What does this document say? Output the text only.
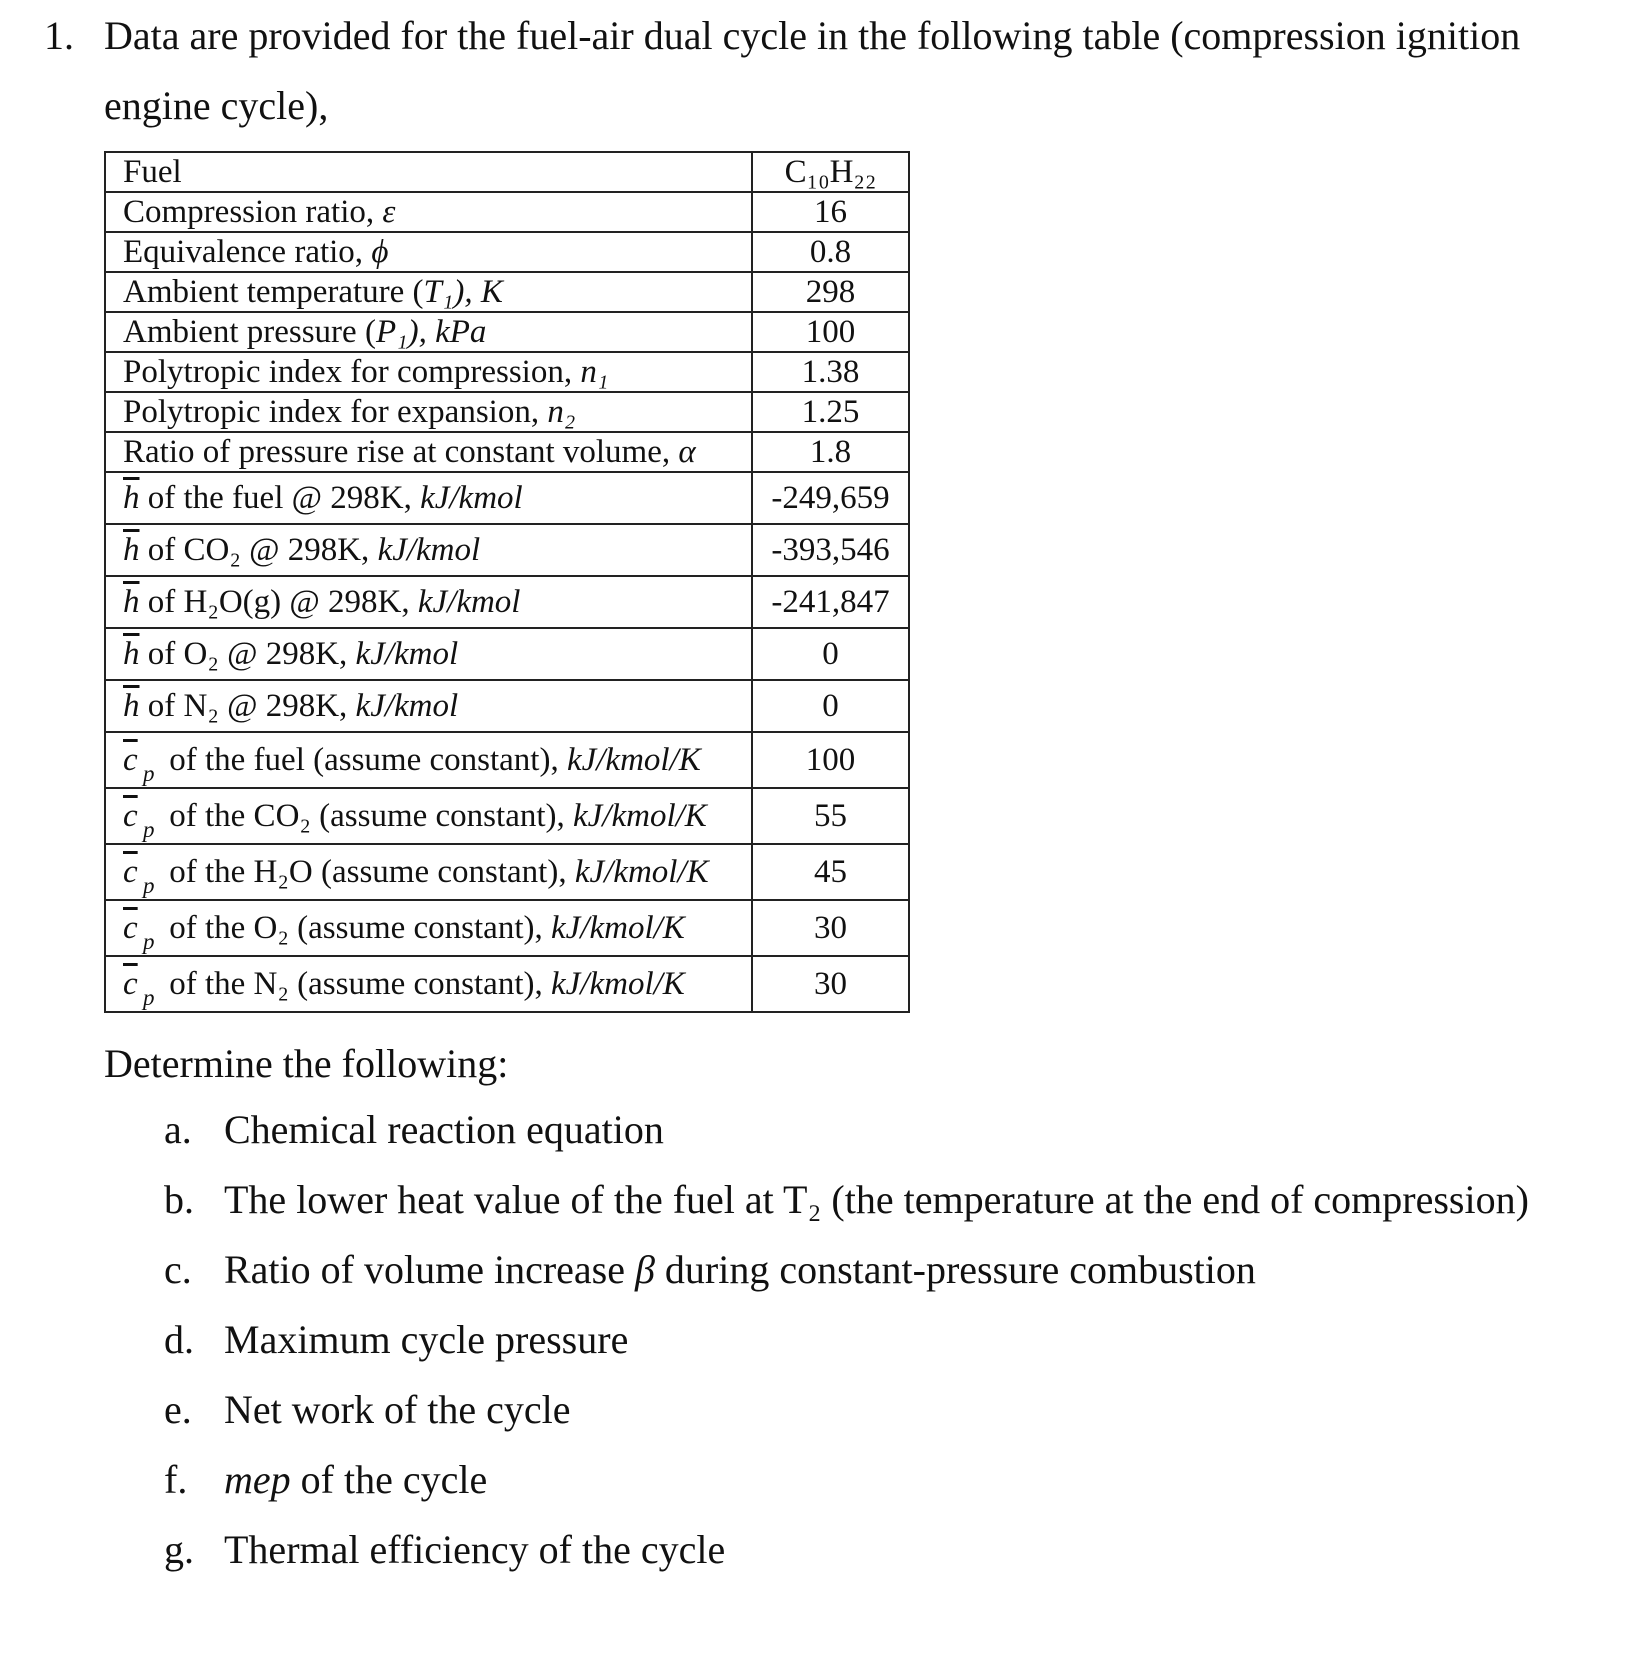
1. Data are provided for the fuel-air dual cycle in the following table (compression ignition
engine cycle),
Fuel	C₁₀H₂₂
Compression ratio, ε	16
Equivalence ratio, ϕ	0.8
Ambient temperature (T₁), K	298
Ambient pressure (P₁), kPa	100
Polytropic index for compression, n₁	1.38
Polytropic index for expansion, n₂	1.25
Ratio of pressure rise at constant volume, α	1.8
$\overline{h}$ of the fuel @ 298K, kJ/kmol	-249,659
$\overline{h}$ of CO₂ @ 298K, kJ/kmol	-393,546
$\overline{h}$ of H₂O(g) @ 298K, kJ/kmol	-241,847
$\overline{h}$ of O₂ @ 298K, kJ/kmol	0
$\overline{h}$ of N₂ @ 298K, kJ/kmol	0
$\overline{c}$ p of the fuel (assume constant), kJ/kmol/K	100
$\overline{c}$ p of the CO₂ (assume constant), kJ/kmol/K	55
$\overline{c}$ p of the H₂O (assume constant), kJ/kmol/K	45
$\overline{c}$ p of the O₂ (assume constant), kJ/kmol/K	30
$\overline{c}$ p of the N₂ (assume constant), kJ/kmol/K	30
Determine the following:
a. Chemical reaction equation
b. The lower heat value of the fuel at T₂ (the temperature at the end of compression)
c. Ratio of volume increase β during constant-pressure combustion
d. Maximum cycle pressure
e. Net work of the cycle
f. mep of the cycle
g. Thermal efficiency of the cycle
